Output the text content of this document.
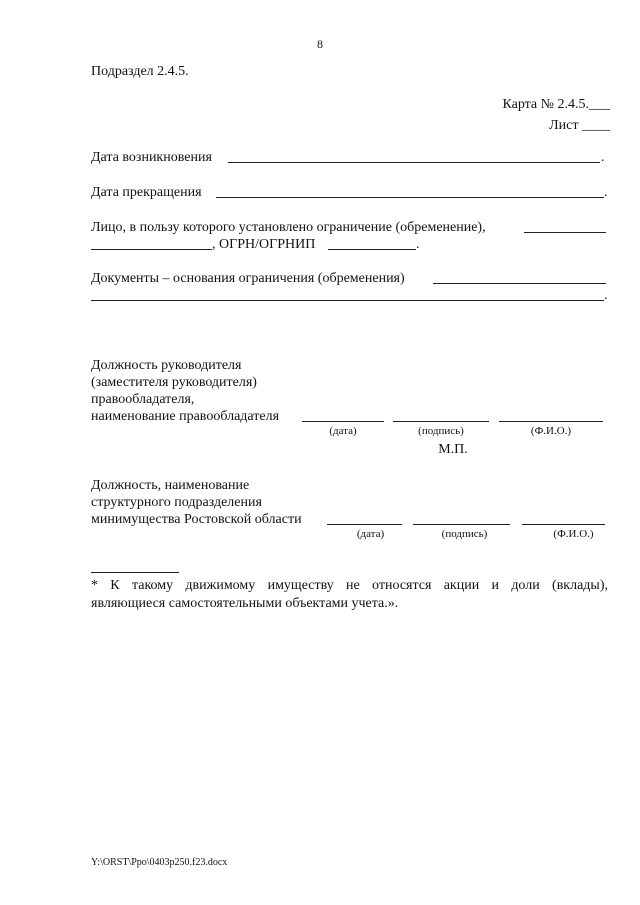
8
Подраздел 2.4.5.
Карта № 2.4.5.___
Лист ____
Дата возникновения	.
Дата прекращения	.
Лицо, в пользу которого установлено ограничение (обременение),
, ОГРН/ОГРНИП	.
Документы – основания ограничения (обременения)
.
Должность руководителя
(заместителя руководителя)
правообладателя,
наименование правообладателя
(дата)	(подпись)	(Ф.И.О.)
М.П.
Должность, наименование
структурного подразделения
минимущества Ростовской области
(дата)	(подпись)	(Ф.И.О.)
* К такому движимому имуществу не относятся акции и доли (вклады),
являющиеся самостоятельными объектами учета.».
Y:\ORST\Ppo\0403p250.f23.docx
